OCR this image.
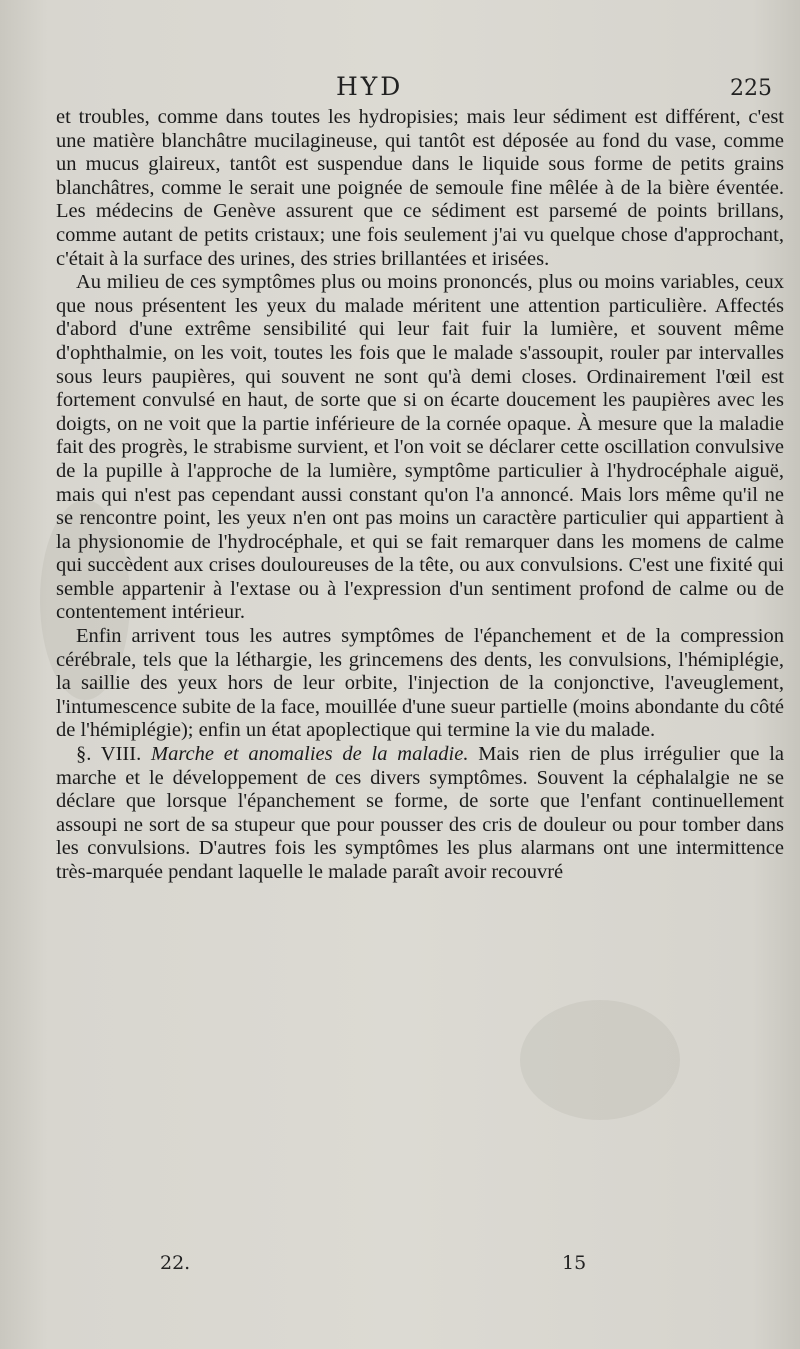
HYD	225

et troubles, comme dans toutes les hydropisies; mais leur sédiment est différent, c'est une matière blanchâtre mucilagineuse, qui tantôt est déposée au fond du vase, comme un mucus glaireux, tantôt est suspendue dans le liquide sous forme de petits grains blanchâtres, comme le serait une poignée de semoule fine mêlée à de la bière éventée. Les médecins de Genève assurent que ce sédiment est parsemé de points brillans, comme autant de petits cristaux; une fois seulement j'ai vu quelque chose d'approchant, c'était à la surface des urines, des stries brillantées et irisées.

Au milieu de ces symptômes plus ou moins prononcés, plus ou moins variables, ceux que nous présentent les yeux du malade méritent une attention particulière. Affectés d'abord d'une extrême sensibilité qui leur fait fuir la lumière, et souvent même d'ophthalmie, on les voit, toutes les fois que le malade s'assoupit, rouler par intervalles sous leurs paupières, qui souvent ne sont qu'à demi closes. Ordinairement l'œil est fortement convulsé en haut, de sorte que si on écarte doucement les paupières avec les doigts, on ne voit que la partie inférieure de la cornée opaque. À mesure que la maladie fait des progrès, le strabisme survient, et l'on voit se déclarer cette oscillation convulsive de la pupille à l'approche de la lumière, symptôme particulier à l'hydrocéphale aiguë, mais qui n'est pas cependant aussi constant qu'on l'a annoncé. Mais lors même qu'il ne se rencontre point, les yeux n'en ont pas moins un caractère particulier qui appartient à la physionomie de l'hydrocéphale, et qui se fait remarquer dans les momens de calme qui succèdent aux crises douloureuses de la tête, ou aux convulsions. C'est une fixité qui semble appartenir à l'extase ou à l'expression d'un sentiment profond de calme ou de contentement intérieur.

Enfin arrivent tous les autres symptômes de l'épanchement et de la compression cérébrale, tels que la léthargie, les grincemens des dents, les convulsions, l'hémiplégie, la saillie des yeux hors de leur orbite, l'injection de la conjonctive, l'aveuglement, l'intumescence subite de la face, mouillée d'une sueur partielle (moins abondante du côté de l'hémiplégie); enfin un état apoplectique qui termine la vie du malade.

§. VIII. Marche et anomalies de la maladie. Mais rien de plus irrégulier que la marche et le développement de ces divers symptômes. Souvent la céphalalgie ne se déclare que lorsque l'épanchement se forme, de sorte que l'enfant continuellement assoupi ne sort de sa stupeur que pour pousser des cris de douleur ou pour tomber dans les convulsions. D'autres fois les symptômes les plus alarmans ont une intermittence très-marquée pendant laquelle le malade paraît avoir recouvré

22.	15
